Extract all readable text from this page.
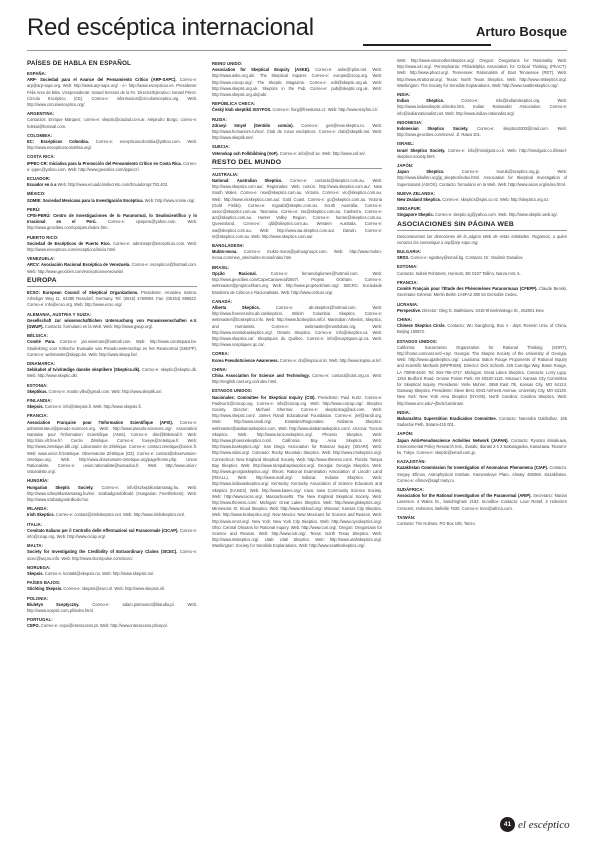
Red escéptica internacional	Arturo Bosque
PAÍSES DE HABLA EN ESPAÑOL
ESPAÑA:
ARP- Sociedad para el Avance del Pensamiento Crítico (ARP-SAPC). Correo-e: arp@arp-sapc.org. Web: http://www.arp-sapc.org/ - e-: http://www.escepticos.es. Presidente: Félix Ares de Blas. Vicepresidente: Ismael Serrano de la Fe. Director/Ejecutivo: Ismael Pérez. Círculo Escéptico (CE). Correo-e: informacion@circuloesceptico.org. Web: http://www.circuloesceptico.org/.
ARGENTINA:
Contactos: Enrique Márquez, correo-e: skeptic@ciudad.com.ar. Alejandro Borgo, correo-e: hokkai@hotmail.com.
COLOMBIA:
EC: Escépticos Colombia. Correo-e: escepticoscolombia@yahoo.com. Web: http://www.escepticoscolombia.org/.
COSTA RICA:
IPPEC-CR: Iniciativa para la Promoción del Pensamiento Crítico en Costa Rica. Correo-e: ippec@yahoo.com. Web: http://www.geocities.com/ippeccr/.
ECUADOR:
Ecuador en ó a Web: http://www.ecuadorindiscreto.com/Ecuadoropc7b2.402.
MÉXICO:
SOMIE: Sociedad Mexicana para la Investigación Escéptica. Web: http://www.somie.org/.
PERÚ:
CPSI-PERÚ: Centro de Investigaciones de lo Paranormal, lo Seudocientífico y lo Irracional en el Perú. Correo-e: cpsiperu@yahoo.com. Web: http://www.geocities.com/cpsiperu/index.htm.
PUERTO RICO:
Sociedad de Escépticos de Puerto Rico. Correo-e: adminsepr@escepticos.com. Web: http://www.escepticos.com/escepticos/inicio.html.
VENEZUELA:
ARCV: Asociación Racional Escéptica de Venezuela. Correo-e: escepticos@hotmail.com. Web: http://www.geocities.com/escepticosvenezuela/.
EUROPA
ECSO: European Council of Skeptical Organizations. Presidente: Amardeo Sarma. Arheilger Weg 11, 64380 Rossdorf, Germany. Tel: (0615) 4760894. Fax: (06154) 695022. Correo-e: info@ecso.org. Web: http://www.ecso.org/.
ALEMANIA, AUSTRIA Y SUIZA:
Gesellschaft zur wissenschaftlichen Untersuchung von Parawissenschaften e.V. (GWUP). Contacto: formulario en la Web. Web: http://www.gwup.org/.
BÉLGICA:
Comité Para. Correo-e: jan.wiseman@hotmail.com. Web: http://www.comitepara.be. Studiekring voor Kritische Evaluatie van Pseudo-wetenschap en het Paranormal (SKEPP). Correo-e: webmaster@skepp.be. Web: http://www.skepp.be/.
DINAMARCA:
Selskabet af tvivlrædige danske skeptikere (Skeptics.dk). Correo-e: skeptic@skeptic.dk. Web: http://www.skeptic.dk/.
ESTONIA:
Skeptikus. Correo-e: martin.vills@gmail.com. Web: http://www.skeptik.us/.
FINLANDIA:
Skepsis. Correo-e: info@skepsis.fi. Web: http://www.skepsis.fi.
FRANCIA:
Association Française pour l'Information Scientifique (AFIS). Correo-e: administrateur@pseudo-sciences.org. Web: http://www.pseudo-sciences.org/. Association Nantaise pour l'Information Scientifique (ANIS). Correo-e: dire@littlemail.fr. Web: http://site.vlt.free.fr/. Cercle Zététique. Correo-e: foxeye@zetetique.fr. Web: http://www.zetetique.ldh.org/. Laboratoire de Zététique. Correo-e: contact.zetetique@unice.fr. Web: www.unice.fr/zetetique. Observatoire Zététique (OZ). Correo-e: contact@observatoire-zetetique.org. Web: http://www.observatoire-zetetique.org/page/home.php. Union Rationaliste. Correo-e: union.rationaliste@wanadoo.fr. Web: http://www.union-rationaliste.org/.
HUNGRÍA:
Hungarian Skeptic Society. Correo-e: info@szkeptikustarsasag.hu. Web: http://www.szkeptikustarsasag.hu/en/. Szabadgondolkodó (Hungarian Freethinkers). Web: http://www.szabadgondolkodo.hu/.
IRLANDA:
Irish Skeptics. Correo-e: contact@irishskeptics.net. Web: http://www.irishskeptics.net/.
ITALIA:
Comitato Italiano per il Controllo delle Affermazioni sul Paranormale (CICAP). Correo-e: info@cicap.org. Web: http://www.cicap.org/.
MALTA:
Society for Investigating the Credibility of Extraordinary Claims (SICEC). Correo-e: sicec@wq.nu.info. Web: http://www.stormpulse.com/sicec/.
NORUEGA:
Skepsis. Correo-e: kontakt@skepsis.no. Web: http://www.skepsis.no/.
PAÍSES BAJOS:
Stichting Skepsis. Correo-e: skepsis@euro.nl. Web: http://www.skepsis.nl/.
POLONIA:
Biuletyn Sceptyczny. Correo-e: adam.pietrowicz@klaudia.pl. Web: http://www.sceptic.com.pl/index.html.
PORTUGAL:
CEPO. Correo-e: cepo@interaccess.pt. Web: http://www.interaccess.pt/cepo/.
REINO UNIDO:
Association for Skeptical Enquiry (ASKE). Correo-e: aske@rpilot.net. Web: http://www.aske.org.uk/. The Skeptical Inquirer. Correo-e: europe@cicop.org. Web: http://www.csicop.org/. The Skeptic Magazine. Correo-e: edit@skeptic.org.uk. Web: http://www.skeptic.org.uk. Skeptics in the Pub. Correo-e: pub@skeptic.org.uk. Web: http://www.skeptic.org.uk/pub/.
REPÚBLICA CHECA:
Český klub skeptiků SISYFOS. Correo-e: fiorg@freeduma.cz. Web: http://www.sisyfos.cz/.
RUSIA:
Zdravyi Smysl (Sentido común). Correo-e: gen@new.skeptru.ru. Web: http://www.humanism.ru/rus/. Club de rusos escépticos. Correo-e: club@skeptik.net. Web: http://www.skeptik.net/.
SUECIA:
Vetenskap och Folkbildning (VoF). Correo-e: info@vof.se. Web: http://www.vof.se/.
RESTO DEL MUNDO
AUSTRALIA:
National: Australian Skeptics. Correo-e: contacto@skeptics.com.au. Web: http://www.skeptics.com.au/. Regionales: Web común: http://www.skeptics.com.au/. New South Wales. Correo-e: nsw@skeptics.com.au. Victoria. Correo-e: vic@skeptics.com.au. Web: http://www.vicskeptics.com.au/. Gold Coast. Correo-e: gc@skeptics.com.au. Victoria (Gold Fields). Correo-e: rngoald@skeptic.com.au. South Australia. Correo-e: sasec@skeptics.com.au. Tasmania. Correo-e: tas@skeptics.com.au. Canberra. Correo-e: act@skeptics.com.au. Hunter Valley Region. Correo-e: hunter@skeptics.com.au. Queensland. Correo-e: qld@skeptics.com.au. Western Australia. Correo-e: wa@skeptics.com.au. Web: http://www.wa.skeptics.com.au/. Darwin. Correo-e: nt@skeptics.com.au. Web: http://www.skeptics.com.au/.
BANGLADESH:
Mukto-mona. Correo-e: mukto-mona@yahoogroups.com. Web: http://www.mukto-mona.com/new_site/mukto-mona/index.htm.
BRASIL:
Opção Racional. Correo-e: fernandoglumen@hotmail.com. Web: http://www.geocities.com/CapeCanaveral/2567/. Projeto Ockham. Correo-e: webmaster@projetockham.org. Web: http://www.projetockham.org/. SBCRC: Sociedade Brasileira de Céticos e Racionalistas. Web: http://www.ceticos.org/.
CANADÁ:
Alberta Skeptics. Correo-e: ab.skeptics@hotmail.com. Web: http://www.freenet.edm.ab.ca/skeptics/. British Columbia Skeptics. Correo-e: webmaster@bcskeptics.info. Web: http://www.bcskeptics.info/. Manitoban Atheists, Skeptics, and Humanists. Correo-e: webmaster@manitoban.org. Web: http://www.manitobaskeptics.org/. Ontario Skeptics. Correo-e: info@skeptics.ca. Web: http://www.skeptics.ca/. Skeptiques du Québec. Correo-e: info@sceptiques.qc.ca. Web: http://www.sceptiques.qc.ca/.
COREA:
Korea PseudoScience Awareness. Correo-e: dn@kopsa.or.kr. Web: http://www.kopsa.or.kr/.
CHINA:
China Association for Science and Technology. Correo-e: contact@cast.org.cn. Web: http://english.cast.org.cn/index.html.
ESTADOS UNIDOS:
Nacionales: Committee for Skeptical Inquiry (CSI). Presidente: Paul Kurtz. Correo-e: PaulKurtz@csicop.org. Correo-e: info@csicop.org. Web: http://www.csicop.org/. Skeptics Society. Director: Michael Shermer. Correo-e: skepticmag@aol.com. Web: http://www.skeptic.com/. James Randi Educational Foundation. Correo-e: jref@randi.org. Web: http://www.randi.org/. Estatales/Regionales: Alabama Skeptics: webmaster@alabamaskeptics.com. Web: http://www.alabamaskeptics.com/. Arizona: Tucson Skeptics. Web: http://www.tucsonskeptics.org/. Phoenix Skeptics. Web: http://www.phoenixskeptics.com/. California: Bay Area Skeptics. Web: http://www.baskeptics.org/. San Diego Association for Rational Inquiry (SDARI). Web: http://www.sdari.org/. Colorado: Rocky Mountain Skeptics. Web: http://www.rmskeptics.org/. Connecticut: New England Skeptical Society. Web: http://www.theness.com/. Florida: Tampa Bay Skeptics. Web: http://www.tampabayskeptics.org/. Georgia: Georgia Skeptics. Web: http://www.georgiaskeptics.org/. Illinois: Rational Examination Association of Lincoln Land (REALL). Web: http://www.reall.org/. Indiana: Indiana Skeptics. Web: http://www.indianaskeptics.org/. Kentucky: Kentucky Association of Science Educators and Skeptics (KASES). Web: http://www.kases.org/. Iowa: Iowa Community Science Society. Web: http://www.iacss.org/. Massachusetts: The New England Skeptical Society. Web: http://www.theness.com/. Michigan: Great Lakes Skeptics. Web: http://www.glskeptics.org/. Minnesota: St. Kloud Skeptics. Web: http://www.stkloud.org/. Missouri: Kansas City Skeptics. Web: http://www.kcskeptics.org/. New Mexico: New Mexicans for Science and Reason. Web: http://www.nmsr.org/. New York: New York City Skeptics. Web: http://www.nycskeptics.org/. Ohio: Central Ohioans for Rational Inquiry. Web: http://www.cori.org/. Oregon: Oregonians for Science and Reason. Web: http://www.o4r.org/. Texas: North Texas Skeptics. Web: http://www.ntskeptics.org/. Utah: Utah Skeptics. Web: http://www.utahskeptics.org/. Washington: Society for Sensible Explanations. Web: http://www.seattleskeptics.org/.
Web: http://www.sincmotherskeptics.org/. Oregon: Oregonians for Rationality. Web: http://www.o4r.org/. Pennsylvania: Philadelphia Association for Critical Thinking (PhACT). Web: http://www.phact.org/. Tennessee: Rationalists of East Tennessee (RET). Web: http://www.etrational.org/. Texas: North Texas Skeptics. Web: http://www.ntskeptics.org/. Washington: The Society for Sensible Explanations. Web: http://www.seattleskeptics.org/.
INDIA:
Indian Skeptics. Correo-e: info@indianskeptics.org. Web: http://www.indianskeptic.in/index.htm. Indian Rationalist Association. Correo-e: info@indianrationalist.net. Web: http://www.indian-rationalist.org/.
INDONESIA:
Indonesian Skeptics Society. Correo-e: skeptics2003@mail.com. Web: http://www.geocities.com/iness/. Jl. Rawa 101.
ISRAEL:
Israel Skeptics Society. Correo-e: info@mindgust.co.il. Web: http://mindgust.co.il/israel-skeptics-society.html.
JAPÓN:
Japan Skeptics. Correo-e: tsuruki@sceptics.org.jp. Web: http://www.kikullen.org/jp_skeptics/index.html. Association for Skeptical Investigation of Supernatural (ASIOS). Contacto: formulario en la Web. Web: http://www.asios.org/index.html.
NUEVA ZELANDA:
New Zealand Skeptics. Correo-e: skeptics@spis.co.nz. Web: http://skeptics.org.nz.
SINGAPUR:
Singapore Skeptic. Correo-e: skeptic.sg@yahoo.com. Web: http://www.skeptic.web.sg/.
ASOCIACIONES SIN PÁGINA WEB
Desconocemos las direcciones de la página Web de estas entidades. Rogamos, a quien conozca las comunique a arp@arp-sapc.org.
BULGARIA:
SRSS. Correo-e: egarbey@email.bg. Contacto: Dr. Vladimir Danailov.
ESTONIA:
Contacto: Indrek Rohtmets, Horisont, EE 0107 Tallinn, Narva mnt. 5.
FRANCIA:
Comité Français pour l'Étude des Phénomènes Paranormaux (CFEPP). Claude Benski, Secrétaire Général, Merlin Berlin 1A9FA2 380 53 Grenoble Cedex.
UCRANIA:
Perspective. Director: Oleg G. Bakhtiarov. 3419 Khmelnitskogo St., 252001 Kiev.
CHINA:
Chinese Skeptics Circle. Contacto: Wu Xianghong, Box 4 - dept. Renmin Univ. of China, Beijing 100872.
ESTADOS UNIDOS:
California: Sacramento Organization for Rational Thinking (SORT), http://home.comcast.net/~ray/. Georgia: The Skeptic Society of the University of Georgia. Web: http://www.ugaskeptics.org/. Louisiana: Baton Rouge Proponents of Rational Inquiry and Scientific Methods (BRPRISM). Director: Dick Schroth. 425 Carrolgo Way, Baton Rouge, LA 70808-4640. Tel: 504-766-4747. Michigan: Great Lakes Skeptics. Contacto: Lorry Lypp. 1254 Bedford Road, Grosse Pointe Park, MI 48230-1115. Missouri: Kansas City Committee for Skeptical Inquiry. Presidente: Verle Muhrer. 2658 East 7th, Kansas City, MO 64124. Gateway Skeptics. Presidente: Steve Best. 6943 Amherst Avenue, University City, MO 63130. New York: New York Area Skeptics (NYASk). North Carolina: Carolina Skeptics. Web: http://www.unc.edu/~jfleck/carolinas/.
INDIA:
Maharashtra Superstition Eradication Committee. Contacto: Narendra Dabholkar, 155 Sadashiv Peth, Satara-415 001.
JAPÓN:
Japan Anti-Pseudoscience Activities Network (JAPAN). Contacto: Ryotaro Minakuwa, Environmental Policy Research Inst., Ibaraki, Ibaraki 2-1 2 Sakuragaoka, Kanazawa, Tsurumi-ku, Tokyo. Correo-e: skeptic@email.com.jp.
KAZAJISTÁN:
Kazakhstan Commission for Investigation of Anomalous Phenomena (CIAP). Contacto: Sergey Efimov, Astrophysical Institute, Kamenskoye Plato. Almaty 480068. Kazakhstan. Correo-e: efimov@sapf.maty.ru.
SUDÁFRICA:
Association for the Rational Investigation of the Paranormal (ARIP). Secretario: Marian Laserson. 4 Wales St., Sandringham 2192. Scoolbox Contacto: Leon Retief, 3 Hoheizen Crescent, Hoheizen, Bellville 7530. Correo-e: leon@iafrica.com.
TAIWÁN:
Contacto: Tim Holmes. PO Box 195, Tanzu.
41 el escéptico
